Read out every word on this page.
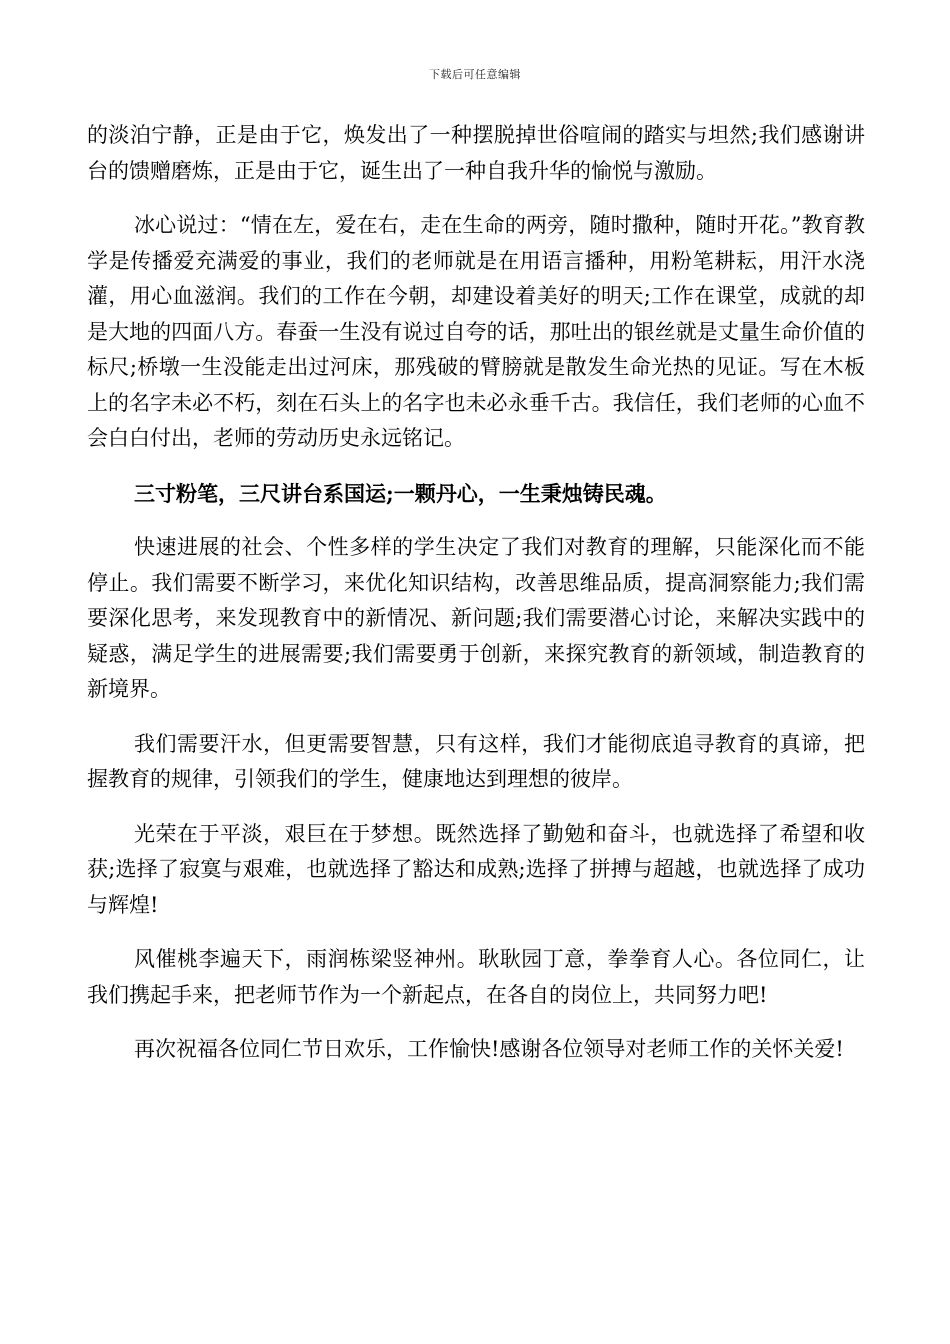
下载后可任意编辑

的淡泊宁静，正是由于它，焕发出了一种摆脱掉世俗喧闹的踏实与坦然;我们感谢讲台的馈赠磨炼，正是由于它，诞生出了一种自我升华的愉悦与激励。

冰心说过：“情在左，爱在右，走在生命的两旁，随时撒种，随时开花。”教育教学是传播爱充满爱的事业，我们的老师就是在用语言播种，用粉笔耕耘，用汗水浇灌，用心血滋润。我们的工作在今朝，却建设着美好的明天;工作在课堂，成就的却是大地的四面八方。春蚕一生没有说过自夸的话，那吐出的银丝就是丈量生命价值的标尺;桥墩一生没能走出过河床，那残破的臂膀就是散发生命光热的见证。写在木板上的名字未必不朽，刻在石头上的名字也未必永垂千古。我信任，我们老师的心血不会白白付出，老师的劳动历史永远铭记。

三寸粉笔，三尺讲台系国运;一颗丹心，一生秉烛铸民魂。

快速进展的社会、个性多样的学生决定了我们对教育的理解，只能深化而不能停止。我们需要不断学习，来优化知识结构，改善思维品质，提高洞察能力;我们需要深化思考，来发现教育中的新情况、新问题;我们需要潜心讨论，来解决实践中的疑惑，满足学生的进展需要;我们需要勇于创新，来探究教育的新领域，制造教育的新境界。

我们需要汗水，但更需要智慧，只有这样，我们才能彻底追寻教育的真谛，把握教育的规律，引领我们的学生，健康地达到理想的彼岸。

光荣在于平淡，艰巨在于梦想。既然选择了勤勉和奋斗，也就选择了希望和收获;选择了寂寞与艰难，也就选择了豁达和成熟;选择了拼搏与超越，也就选择了成功与辉煌!

风催桃李遍天下，雨润栋梁竖神州。耿耿园丁意，拳拳育人心。各位同仁，让我们携起手来，把老师节作为一个新起点，在各自的岗位上，共同努力吧!

再次祝福各位同仁节日欢乐，工作愉快!感谢各位领导对老师工作的关怀关爱!
